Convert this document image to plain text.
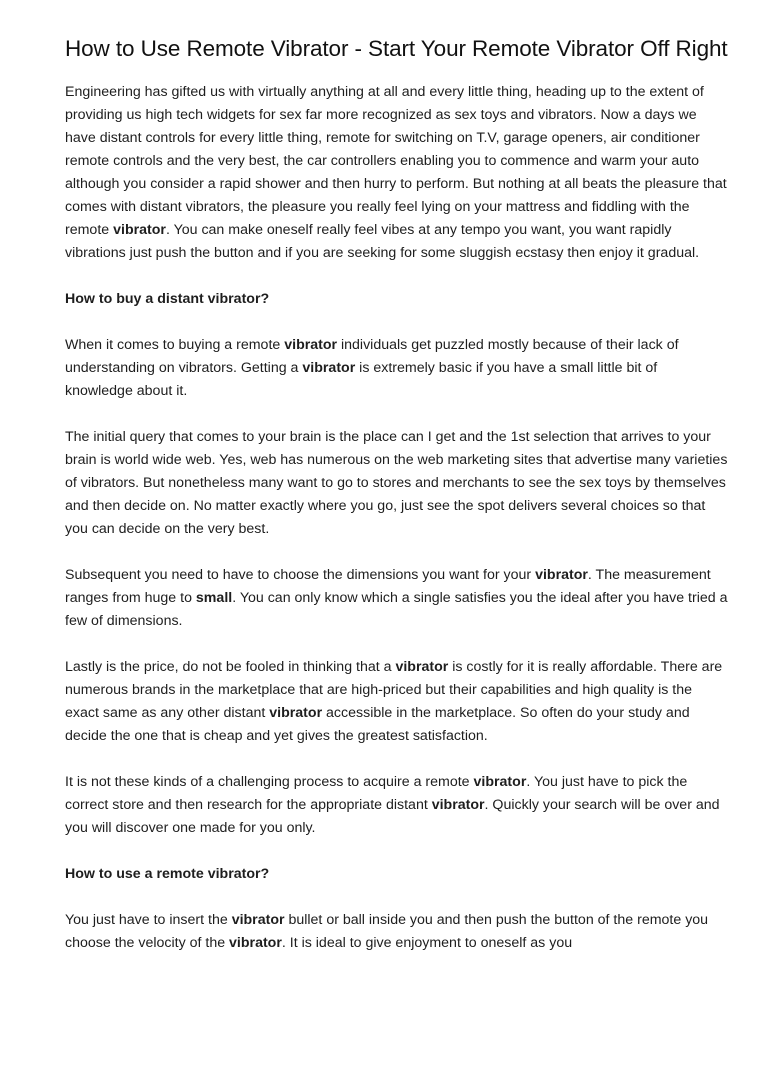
How to Use Remote Vibrator - Start Your Remote Vibrator Off Right

Engineering has gifted us with virtually anything at all and every little thing, heading up to the extent of providing us high tech widgets for sex far more recognized as sex toys and vibrators. Now a days we have distant controls for every little thing, remote for switching on T.V, garage openers, air conditioner remote controls and the very best, the car controllers enabling you to commence and warm your auto although you consider a rapid shower and then hurry to perform. But nothing at all beats the pleasure that comes with distant vibrators, the pleasure you really feel lying on your mattress and fiddling with the remote vibrator. You can make oneself really feel vibes at any tempo you want, you want rapidly vibrations just push the button and if you are seeking for some sluggish ecstasy then enjoy it gradual.

How to buy a distant vibrator?

When it comes to buying a remote vibrator individuals get puzzled mostly because of their lack of understanding on vibrators. Getting a vibrator is extremely basic if you have a small little bit of knowledge about it.

The initial query that comes to your brain is the place can I get and the 1st selection that arrives to your brain is world wide web. Yes, web has numerous on the web marketing sites that advertise many varieties of vibrators. But nonetheless many want to go to stores and merchants to see the sex toys by themselves and then decide on. No matter exactly where you go, just see the spot delivers several choices so that you can decide on the very best.

Subsequent you need to have to choose the dimensions you want for your vibrator. The measurement ranges from huge to small. You can only know which a single satisfies you the ideal after you have tried a few of dimensions.

Lastly is the price, do not be fooled in thinking that a vibrator is costly for it is really affordable. There are numerous brands in the marketplace that are high-priced but their capabilities and high quality is the exact same as any other distant vibrator accessible in the marketplace. So often do your study and decide the one that is cheap and yet gives the greatest satisfaction.

It is not these kinds of a challenging process to acquire a remote vibrator. You just have to pick the correct store and then research for the appropriate distant vibrator. Quickly your search will be over and you will discover one made for you only.

How to use a remote vibrator?

You just have to insert the vibrator bullet or ball inside you and then push the button of the remote you choose the velocity of the vibrator. It is ideal to give enjoyment to oneself as you
